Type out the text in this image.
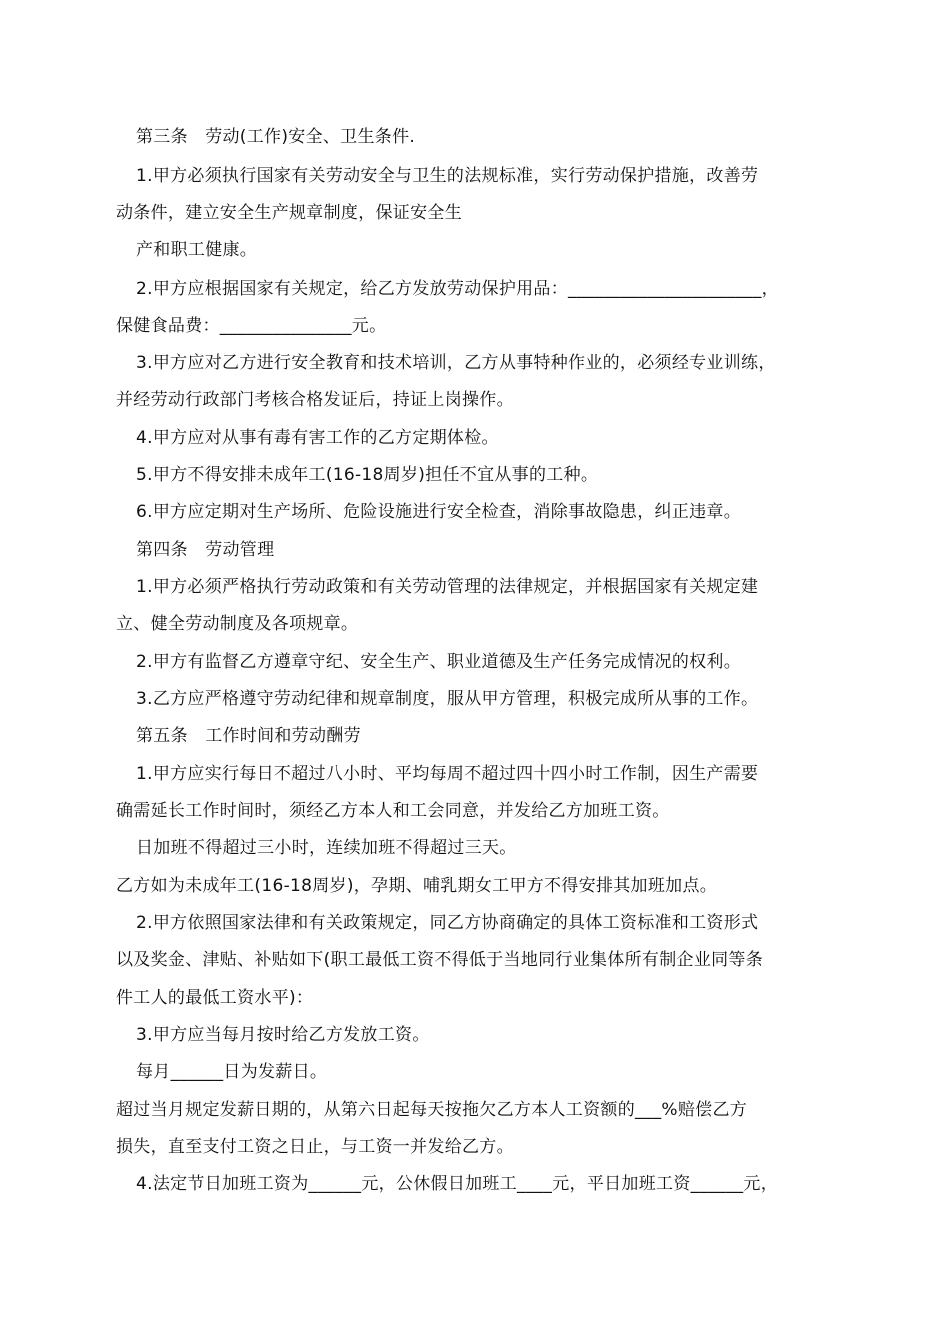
第三条　劳动(工作)安全、卫生条件.

1.甲方必须执行国家有关劳动安全与卫生的法规标准，实行劳动保护措施，改善劳

动条件，建立安全生产规章制度，保证安全生

产和职工健康。

2.甲方应根据国家有关规定，给乙方发放劳动保护用品：______________________，

保健食品费：_______________元。

3.甲方应对乙方进行安全教育和技术培训，乙方从事特种作业的，必须经专业训练，

并经劳动行政部门考核合格发证后，持证上岗操作。

4.甲方应对从事有毒有害工作的乙方定期体检。

5.甲方不得安排未成年工(16-18周岁)担任不宜从事的工种。

6.甲方应定期对生产场所、危险设施进行安全检查，消除事故隐患，纠正违章。

第四条　劳动管理

1.甲方必须严格执行劳动政策和有关劳动管理的法律规定，并根据国家有关规定建

立、健全劳动制度及各项规章。

2.甲方有监督乙方遵章守纪、安全生产、职业道德及生产任务完成情况的权利。

3.乙方应严格遵守劳动纪律和规章制度，服从甲方管理，积极完成所从事的工作。

第五条　工作时间和劳动酬劳

1.甲方应实行每日不超过八小时、平均每周不超过四十四小时工作制，因生产需要

确需延长工作时间时，须经乙方本人和工会同意，并发给乙方加班工资。

日加班不得超过三小时，连续加班不得超过三天。

乙方如为未成年工(16-18周岁)，孕期、哺乳期女工甲方不得安排其加班加点。

2.甲方依照国家法律和有关政策规定，同乙方协商确定的具体工资标准和工资形式

以及奖金、津贴、补贴如下(职工最低工资不得低于当地同行业集体所有制企业同等条

件工人的最低工资水平)：

3.甲方应当每月按时给乙方发放工资。

每月______日为发薪日。

超过当月规定发薪日期的，从第六日起每天按拖欠乙方本人工资额的___%赔偿乙方

损失，直至支付工资之日止，与工资一并发给乙方。

4.法定节日加班工资为______元，公休假日加班工____元，平日加班工资______元，
